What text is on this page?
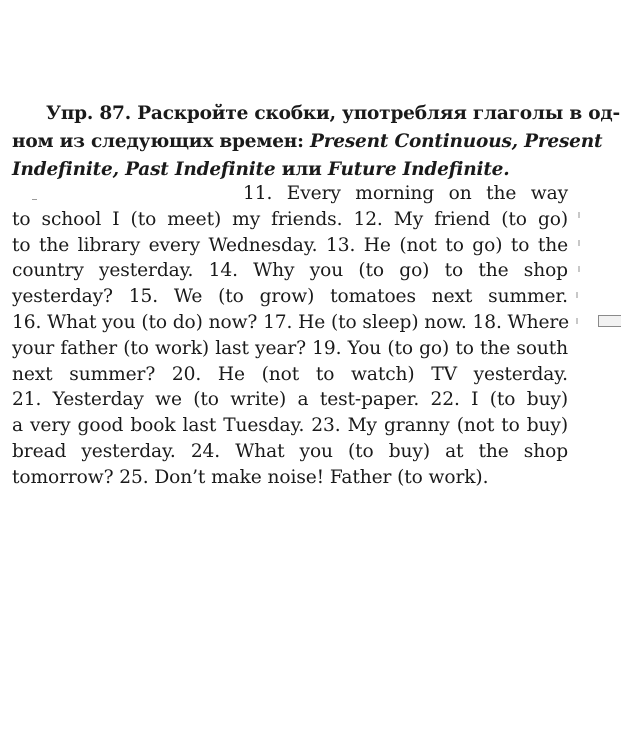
Упр. 87. Раскройте скобки, употребляя глаголы в од-
ном из следующих времен: Present Continuous, Present
Indefinite, Past Indefinite или Future Indefinite.
11. Every morning on the way
to school I (to meet) my friends. 12. My friend (to go)
to the library every Wednesday. 13. He (not to go) to the
country yesterday. 14. Why you (to go) to the shop
yesterday? 15. We (to grow) tomatoes next summer.
16. What you (to do) now? 17. He (to sleep) now. 18. Where
your father (to work) last year? 19. You (to go) to the south
next summer? 20. He (not to watch) TV yesterday.
21. Yesterday we (to write) a test-paper. 22. I (to buy)
a very good book last Tuesday. 23. My granny (not to buy)
bread yesterday. 24. What you (to buy) at the shop
tomorrow? 25. Don’t make noise! Father (to work).
